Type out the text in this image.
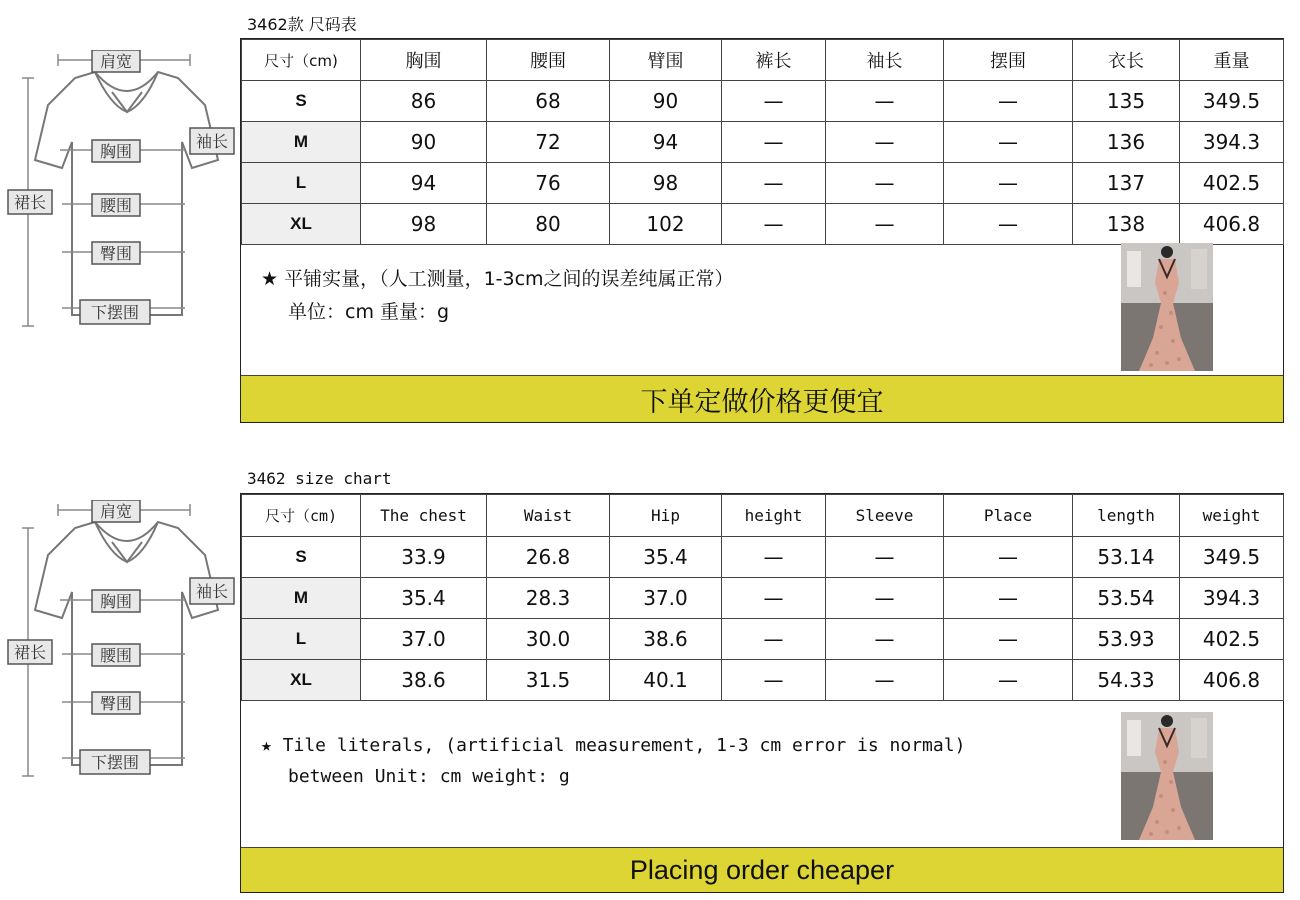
肩宽
袖长
胸围
裙长	腰围
臀围
下摆围
3462款 尺码表
尺寸（cm)	胸围	腰围	臂围	裤长	袖长	摆围	衣长	重量
S	86	68	90	—	—	—	135	349.5
M	90	72	94	—	—	—	136	394.3
L	94	76	98	—	—	—	137	402.5
XL	98	80	102	—	—	—	138	406.8
★ 平铺实量，（人工测量，1-3cm之间的误差纯属正常）
单位：cm 重量：g
下单定做价格更便宜
肩宽
袖长
胸围
裙长	腰围
臀围
下摆围
3462 size chart
尺寸（cm)	The chest	Waist	Hip	height	Sleeve	Place	length	weight
S	33.9	26.8	35.4	—	—	—	53.14	349.5
M	35.4	28.3	37.0	—	—	—	53.54	394.3
L	37.0	30.0	38.6	—	—	—	53.93	402.5
XL	38.6	31.5	40.1	—	—	—	54.33	406.8
★ Tile literals, (artificial measurement, 1-3 cm error is normal)
between Unit: cm weight: g
Placing order cheaper
